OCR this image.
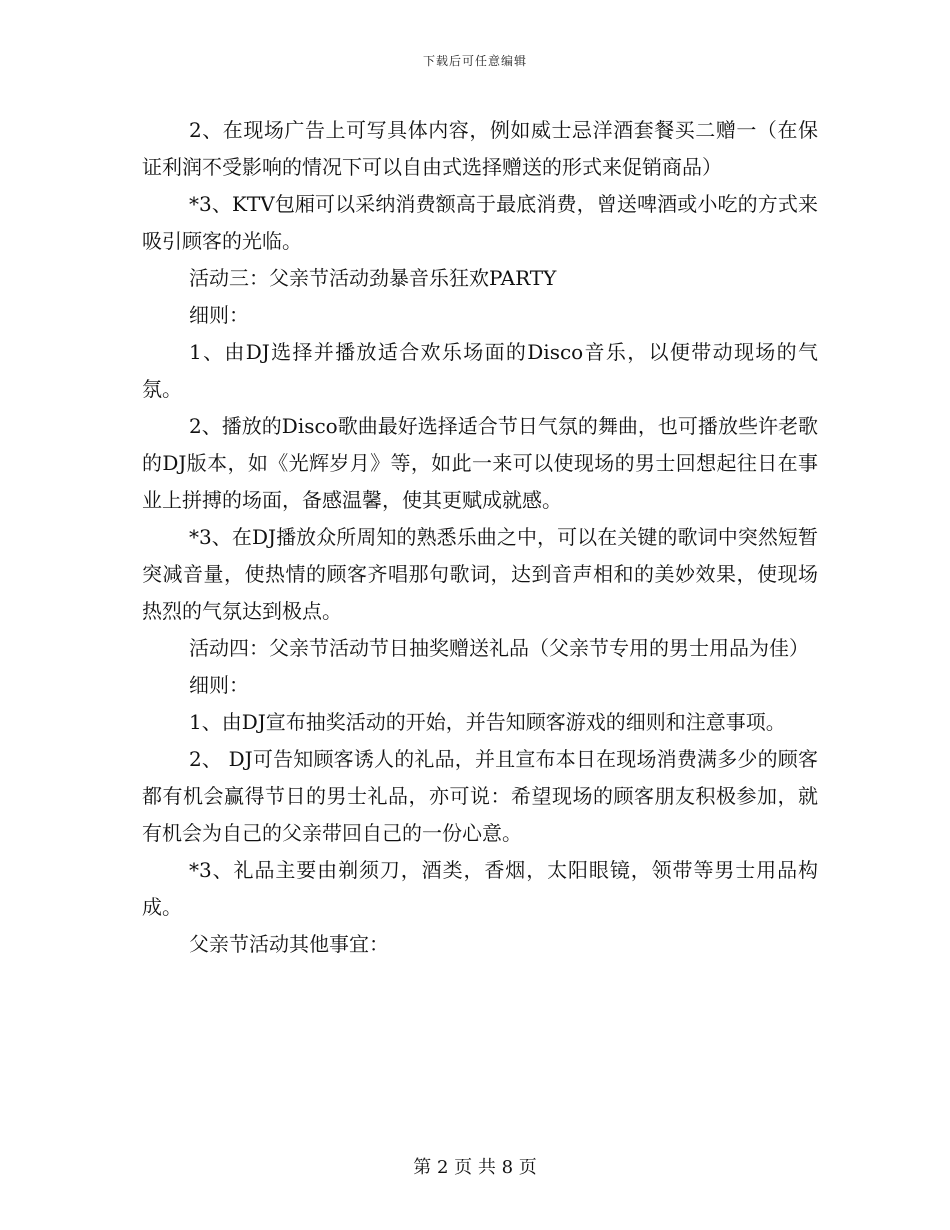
下载后可任意编辑

2、在现场广告上可写具体内容，例如威士忌洋酒套餐买二赠一（在保证利润不受影响的情况下可以自由式选择赠送的形式来促销商品）

*3、KTV包厢可以采纳消费额高于最底消费，曾送啤酒或小吃的方式来吸引顾客的光临。

活动三：父亲节活动劲暴音乐狂欢PARTY

细则：

1、由DJ选择并播放适合欢乐场面的Disco音乐，以便带动现场的气氛。

2、播放的Disco歌曲最好选择适合节日气氛的舞曲，也可播放些许老歌的DJ版本，如《光辉岁月》等，如此一来可以使现场的男士回想起往日在事业上拼搏的场面，备感温馨，使其更赋成就感。

*3、在DJ播放众所周知的熟悉乐曲之中，可以在关键的歌词中突然短暂突减音量，使热情的顾客齐唱那句歌词，达到音声相和的美妙效果，使现场热烈的气氛达到极点。

活动四：父亲节活动节日抽奖赠送礼品（父亲节专用的男士用品为佳）

细则：

1、由DJ宣布抽奖活动的开始，并告知顾客游戏的细则和注意事项。

2、 DJ可告知顾客诱人的礼品，并且宣布本日在现场消费满多少的顾客都有机会赢得节日的男士礼品，亦可说：希望现场的顾客朋友积极参加，就有机会为自己的父亲带回自己的一份心意。

*3、礼品主要由剃须刀，酒类，香烟，太阳眼镜，领带等男士用品构成。

父亲节活动其他事宜：

第 2 页 共 8 页
